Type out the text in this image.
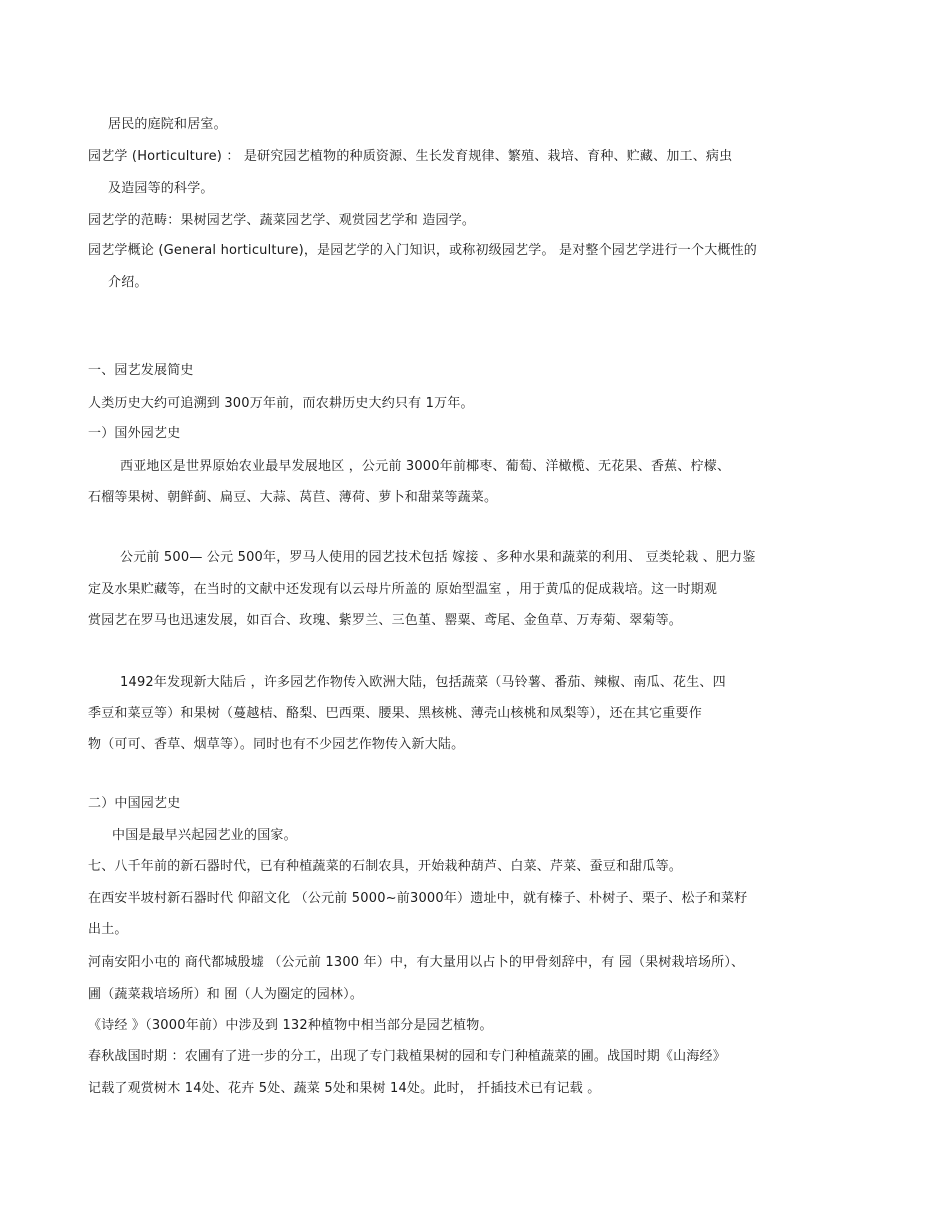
居民的庭院和居室。
园艺学 (Horticulture) ： 是研究园艺植物的种质资源、生长发育规律、繁殖、栽培、育种、贮藏、加工、病虫
及造园等的科学。
园艺学的范畴：果树园艺学、蔬菜园艺学、观赏园艺学和 造园学。
园艺学概论 (General horticulture)，是园艺学的入门知识，或称初级园艺学。 是对整个园艺学进行一个大概性的
介绍。
一、园艺发展简史
人类历史大约可追溯到 300万年前，而农耕历史大约只有 1万年。
一）国外园艺史
西亚地区是世界原始农业最早发展地区 ，公元前 3000年前椰枣、葡萄、洋橄榄、无花果、香蕉、柠檬、
石榴等果树、朝鲜蓟、扁豆、大蒜、莴苣、薄荷、萝卜和甜菜等蔬菜。
公元前 500— 公元 500年，罗马人使用的园艺技术包括 嫁接 、多种水果和蔬菜的利用、 豆类轮栽 、肥力鉴
定及水果贮藏等，在当时的文献中还发现有以云母片所盖的 原始型温室 ，用于黄瓜的促成栽培。这一时期观
赏园艺在罗马也迅速发展，如百合、玫瑰、紫罗兰、三色堇、罂粟、鸢尾、金鱼草、万寿菊、翠菊等。
1492年发现新大陆后 ，许多园艺作物传入欧洲大陆，包括蔬菜（马铃薯、番茄、辣椒、南瓜、花生、四
季豆和菜豆等）和果树（蔓越桔、酪梨、巴西栗、腰果、黑核桃、薄壳山核桃和凤梨等），还在其它重要作
物（可可、香草、烟草等）。同时也有不少园艺作物传入新大陆。
二）中国园艺史
中国是最早兴起园艺业的国家。
七、八千年前的新石器时代，已有种植蔬菜的石制农具，开始栽种葫芦、白菜、芹菜、蚕豆和甜瓜等。
在西安半坡村新石器时代 仰韶文化 （公元前 5000~前3000年）遗址中，就有榛子、朴树子、栗子、松子和菜籽
出土。
河南安阳小屯的 商代都城殷墟 （公元前 1300 年）中，有大量用以占卜的甲骨刻辞中，有 园（果树栽培场所）、
圃（蔬菜栽培场所）和 囿（人为圈定的园林）。
《诗经 》（3000年前）中涉及到 132种植物中相当部分是园艺植物。
春秋战国时期 ：农圃有了进一步的分工，出现了专门栽植果树的园和专门种植蔬菜的圃。战国时期《山海经》
记载了观赏树木 14处、花卉 5处、蔬菜 5处和果树 14处。此时， 扦插技术已有记载 。
